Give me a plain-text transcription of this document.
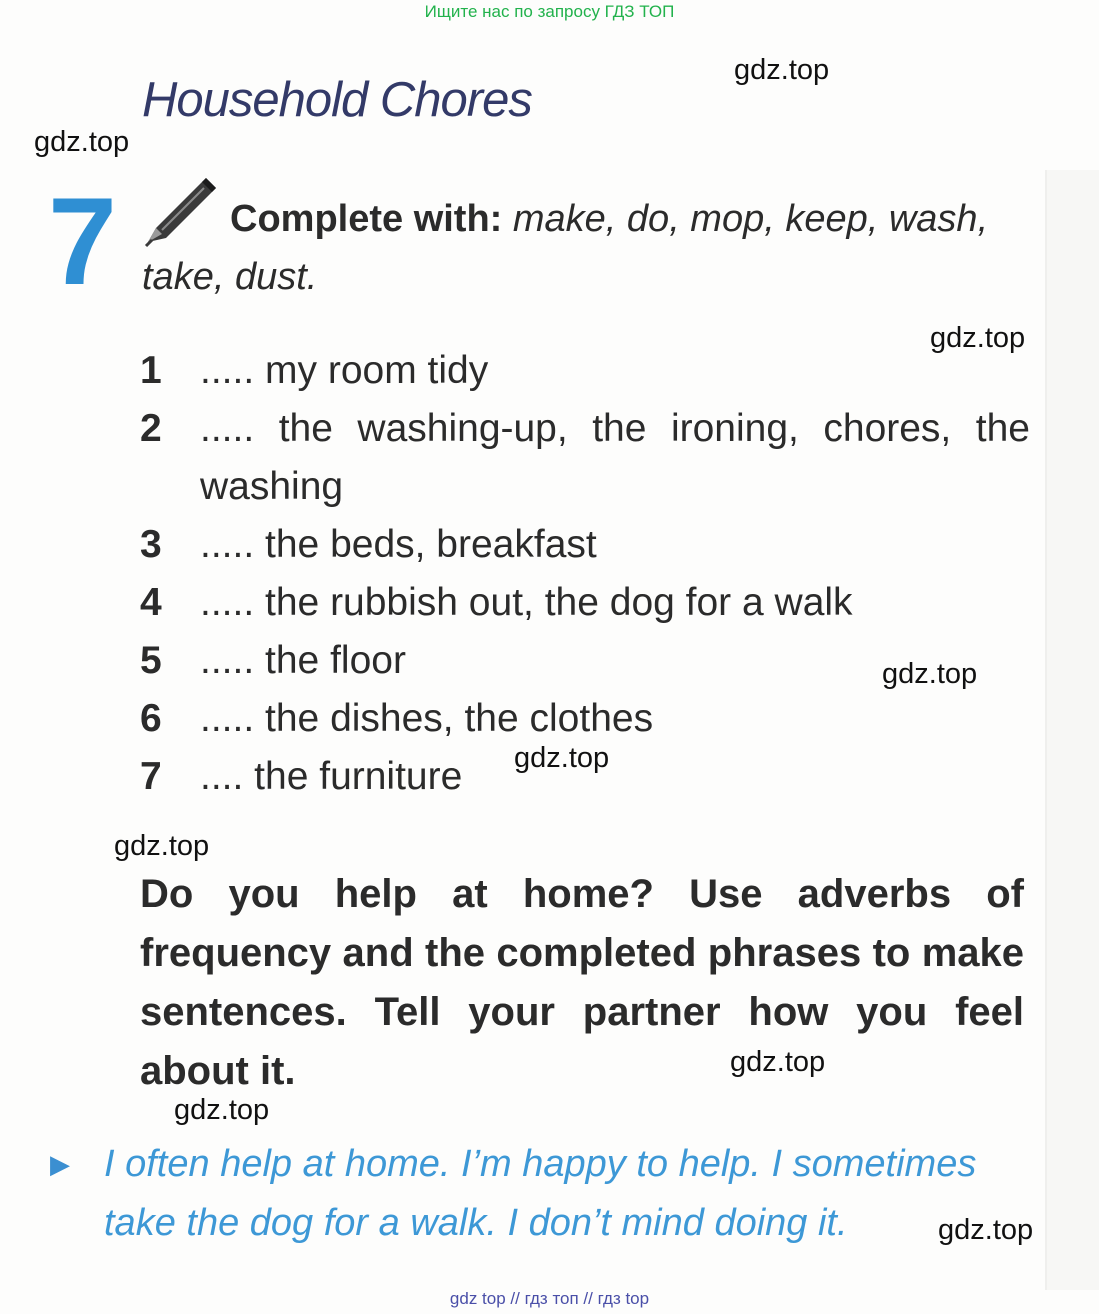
Ищите нас по запросу ГДЗ ТОП
Household Chores
7	Complete with: make, do, mop, keep, wash, take, dust.
1 ..... my room tidy
2 ..... the washing-up, the ironing, chores, the washing
3 ..... the beds, breakfast
4 ..... the rubbish out, the dog for a walk
5 ..... the floor
6 ..... the dishes, the clothes
7 .... the furniture
Do you help at home? Use adverbs of frequency and the completed phrases to make sentences. Tell your partner how you feel about it.
▶ I often help at home. I’m happy to help. I sometimes take the dog for a walk. I don’t mind doing it.
gdz.top
gdz.top
gdz.top
gdz.top
gdz.top
gdz.top
gdz.top
gdz.top
gdz.top
gdz top // гдз топ // гдз top
